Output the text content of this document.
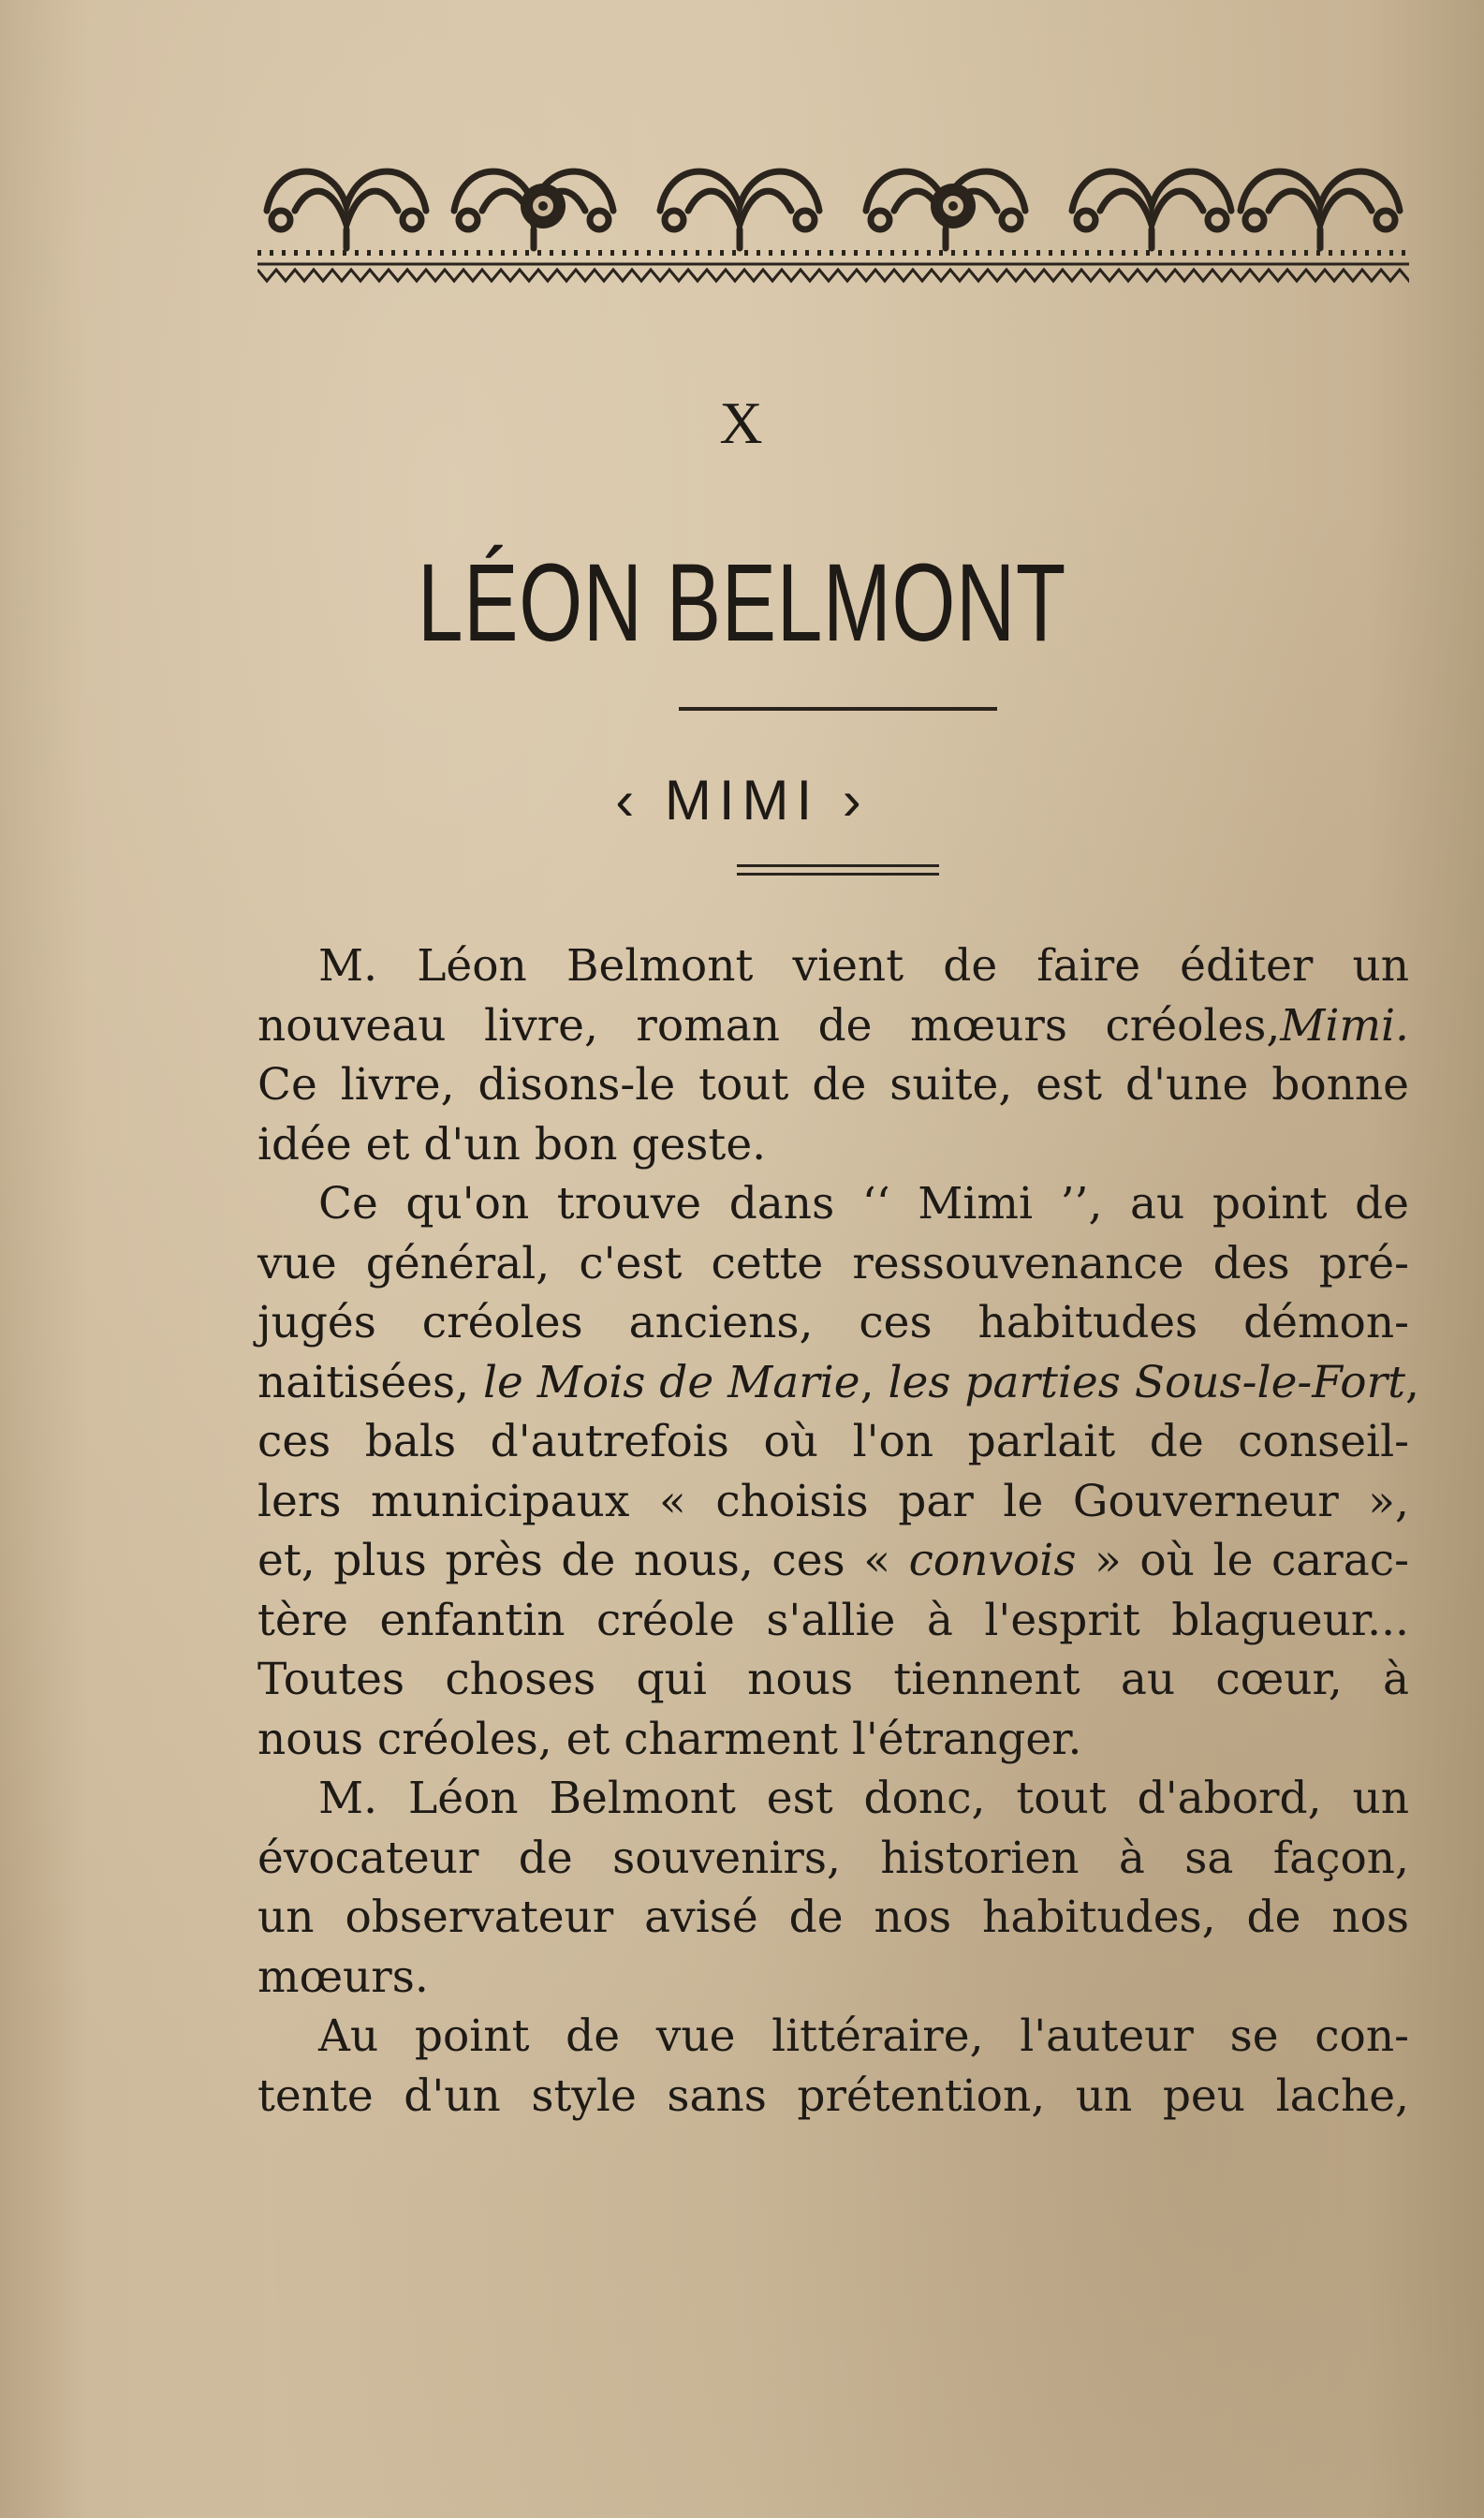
X
LÉON BELMONT
‹ MIMI ›
M. Léon Belmont vient de faire éditer un
nouveau livre, roman de mœurs créoles,Mimi.
Ce livre, disons-le tout de suite, est d'une bonne
idée et d'un bon geste.
Ce qu'on trouve dans ‘‘ Mimi ’’, au point de
vue général, c'est cette ressouvenance des pré-
jugés créoles anciens, ces habitudes démon-
naitisées, le Mois de Marie, les parties Sous-le-Fort,
ces bals d'autrefois où l'on parlait de conseil-
lers municipaux « choisis par le Gouverneur »,
et, plus près de nous, ces « convois » où le carac-
tère enfantin créole s'allie à l'esprit blagueur...
Toutes choses qui nous tiennent au cœur, à
nous créoles, et charment l'étranger.
M. Léon Belmont est donc, tout d'abord, un
évocateur de souvenirs, historien à sa façon,
un observateur avisé de nos habitudes, de nos
mœurs.
Au point de vue littéraire, l'auteur se con-
tente d'un style sans prétention, un peu lache,
